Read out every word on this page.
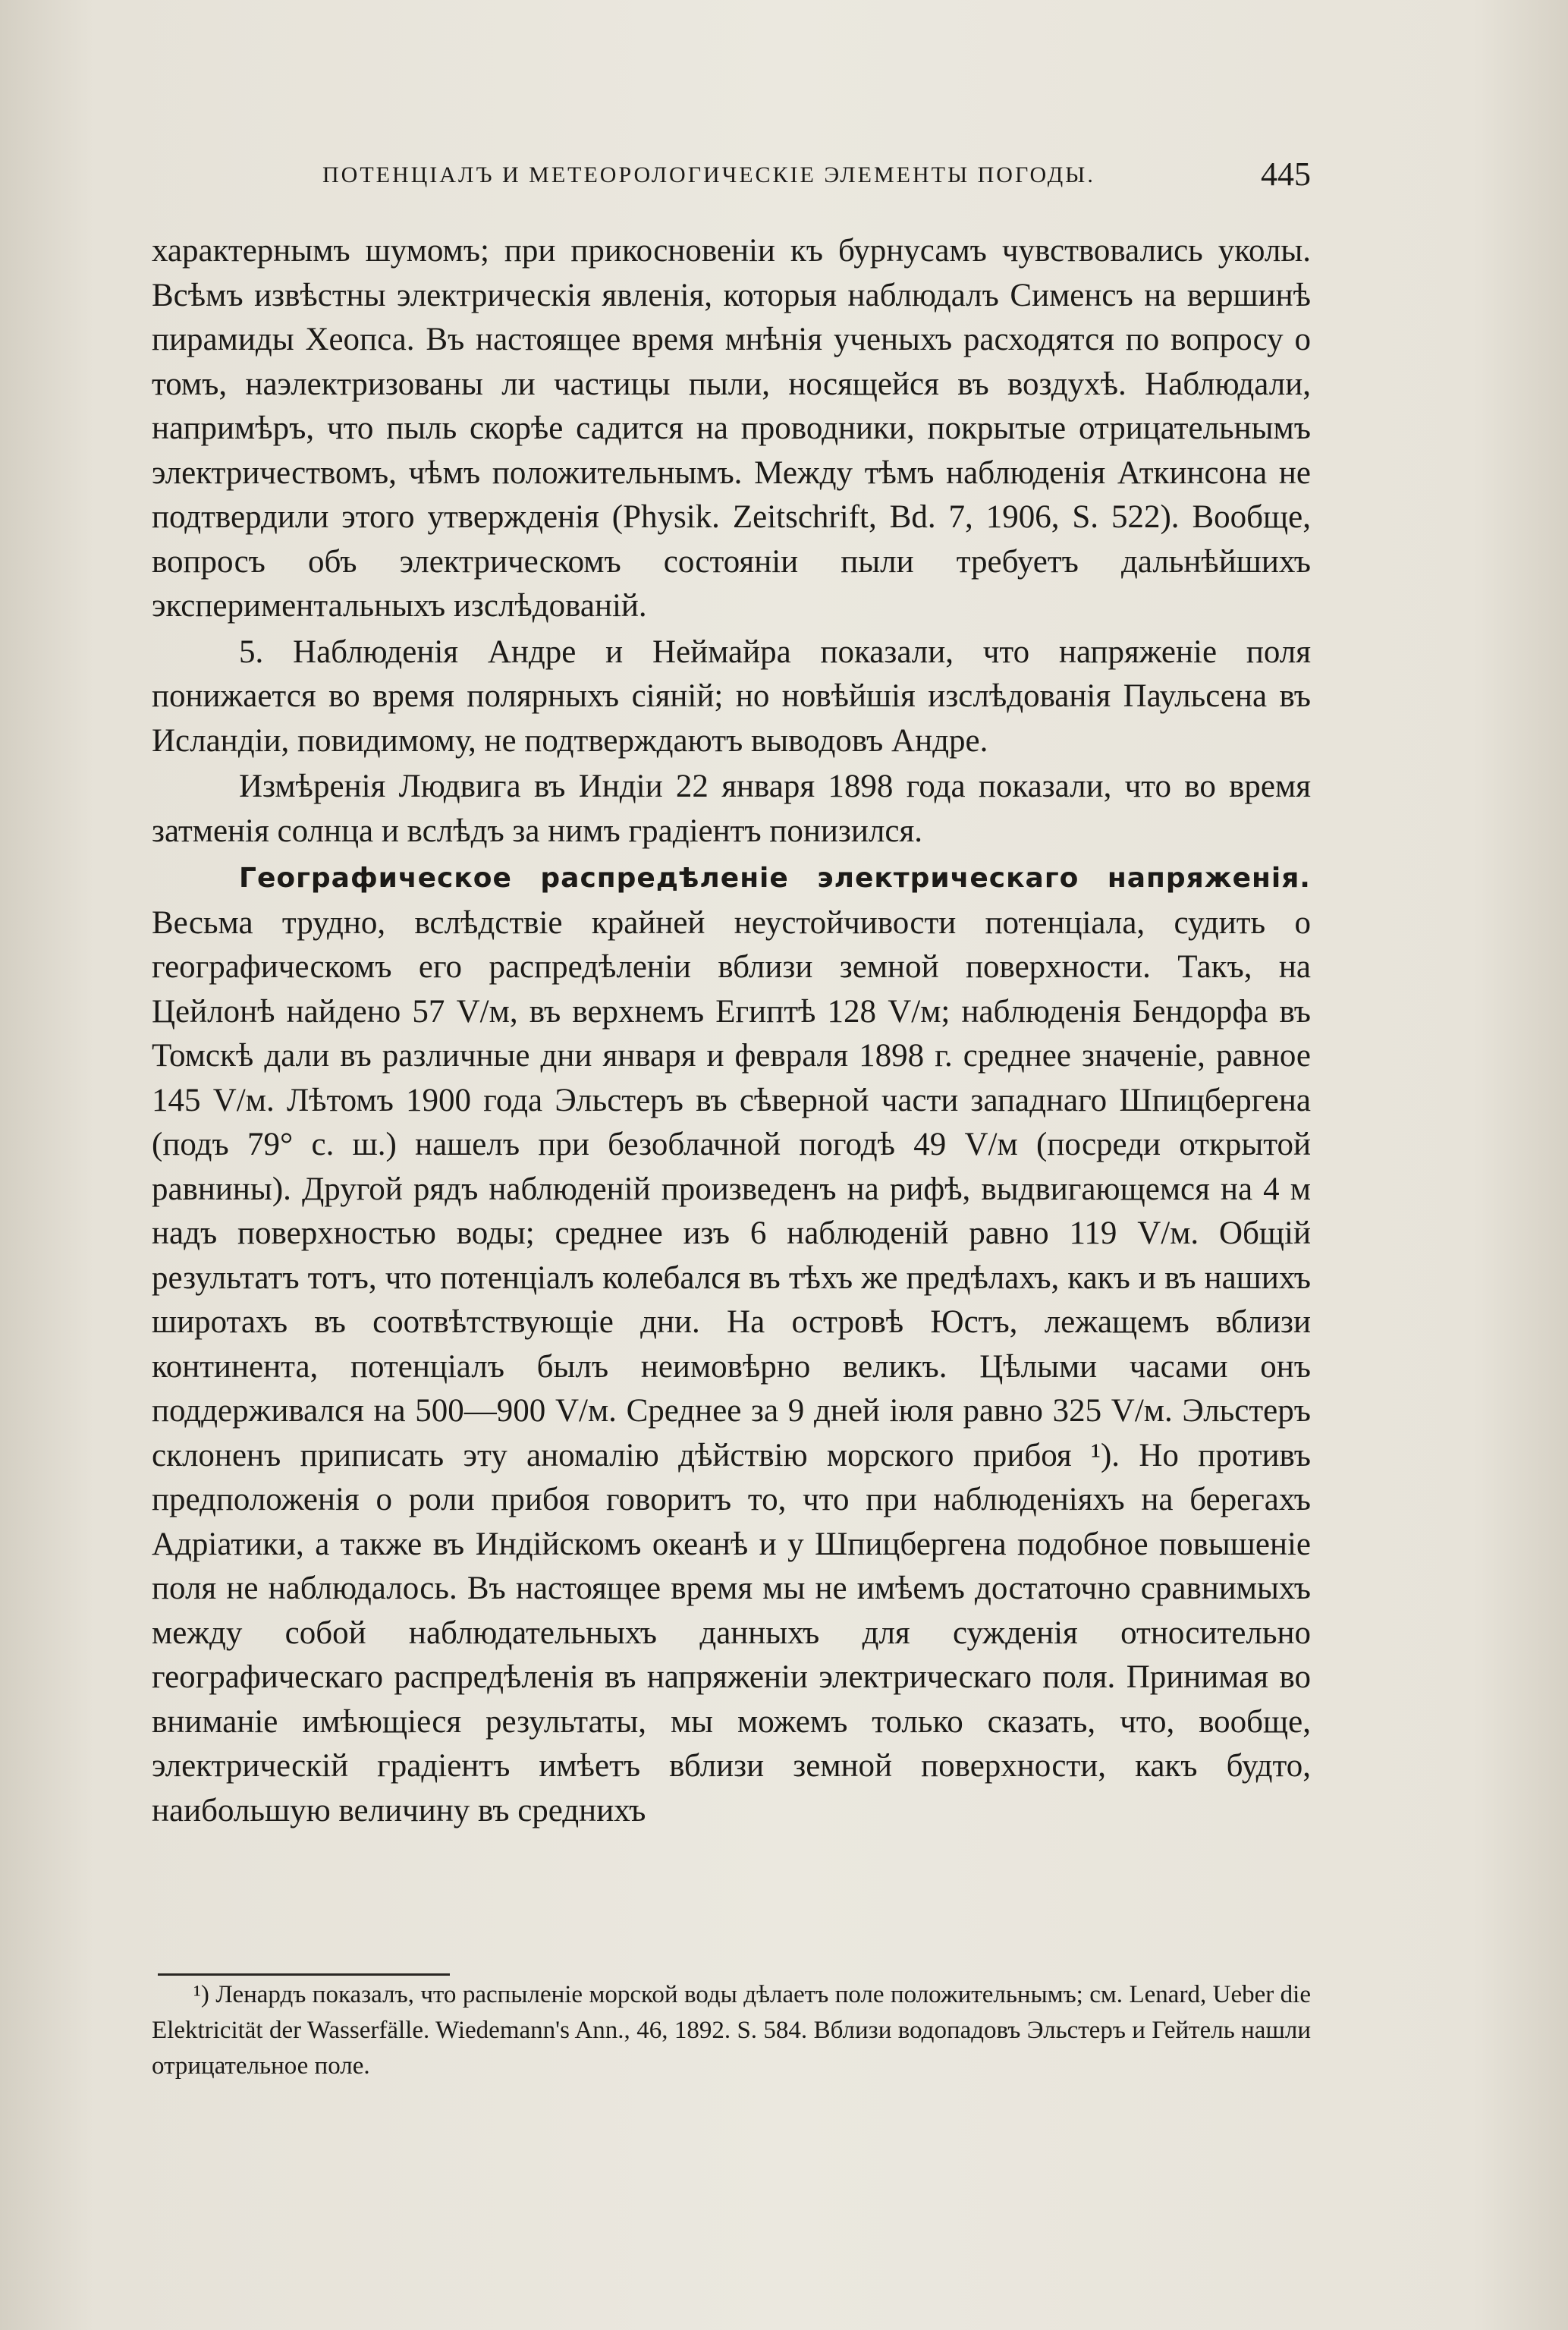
ПОТЕНЦІАЛЪ И МЕТЕОРОЛОГИЧЕСКІЕ ЭЛЕМЕНТЫ ПОГОДЫ.	445

характернымъ шумомъ; при прикосновеніи къ бурнусамъ чувствовались уколы. Всѣмъ извѣстны электрическія явленія, которыя наблюдалъ Сименсъ на вершинѣ пирамиды Хеопса. Въ настоящее время мнѣнія ученыхъ расходятся по вопросу о томъ, наэлектризованы ли частицы пыли, носящейся въ воздухѣ. Наблюдали, напримѣръ, что пыль скорѣе садится на проводники, покрытые отрицательнымъ электричествомъ, чѣмъ положительнымъ. Между тѣмъ наблюденія Аткинсона не подтвердили этого утвержденія (Physik. Zeitschrift, Bd. 7, 1906, S. 522). Вообще, вопросъ объ электрическомъ состояніи пыли требуетъ дальнѣйшихъ экспериментальныхъ изслѣдованій.

5. Наблюденія Андре и Неймайра показали, что напряженіе поля понижается во время полярныхъ сіяній; но новѣйшія изслѣдованія Паульсена въ Исландіи, повидимому, не подтверждаютъ выводовъ Андре.

Измѣренія Людвига въ Индіи 22 января 1898 года показали, что во время затменія солнца и вслѣдъ за нимъ градіентъ понизился.

Географическое распредѣленіе электрическаго напряженія. Весьма трудно, вслѣдствіе крайней неустойчивости потенціала, судить о географическомъ его распредѣленіи вблизи земной поверхности. Такъ, на Цейлонѣ найдено 57 V/м, въ верхнемъ Египтѣ 128 V/м; наблюденія Бендорфа въ Томскѣ дали въ различные дни января и февраля 1898 г. среднее значеніе, равное 145 V/м. Лѣтомъ 1900 года Эльстеръ въ сѣверной части западнаго Шпицбергена (подъ 79° с. ш.) нашелъ при безоблачной погодѣ 49 V/м (посреди открытой равнины). Другой рядъ наблюденій произведенъ на рифѣ, выдвигающемся на 4 м надъ поверхностью воды; среднее изъ 6 наблюденій равно 119 V/м. Общій результатъ тотъ, что потенціалъ колебался въ тѣхъ же предѣлахъ, какъ и въ нашихъ широтахъ въ соотвѣтствующіе дни. На островѣ Юстъ, лежащемъ вблизи континента, потенціалъ былъ неимовѣрно великъ. Цѣлыми часами онъ поддерживался на 500—900 V/м. Среднее за 9 дней іюля равно 325 V/м. Эльстеръ склоненъ приписать эту аномалію дѣйствію морского прибоя ¹). Но противъ предположенія о роли прибоя говоритъ то, что при наблюденіяхъ на берегахъ Адріатики, а также въ Индійскомъ океанѣ и у Шпицбергена подобное повышеніе поля не наблюдалось. Въ настоящее время мы не имѣемъ достаточно сравнимыхъ между собой наблюдательныхъ данныхъ для сужденія относительно географическаго распредѣленія въ напряженіи электрическаго поля. Принимая во вниманіе имѣющіеся результаты, мы можемъ только сказать, что, вообще, электрическій градіентъ имѣетъ вблизи земной поверхности, какъ будто, наибольшую величину въ среднихъ

¹) Ленардъ показалъ, что распыленіе морской воды дѣлаетъ поле положительнымъ; см. Lenard, Ueber die Elektricität der Wasserfälle. Wiedemann's Ann., 46, 1892. S. 584. Вблизи водопадовъ Эльстеръ и Гейтель нашли отрицательное поле.
